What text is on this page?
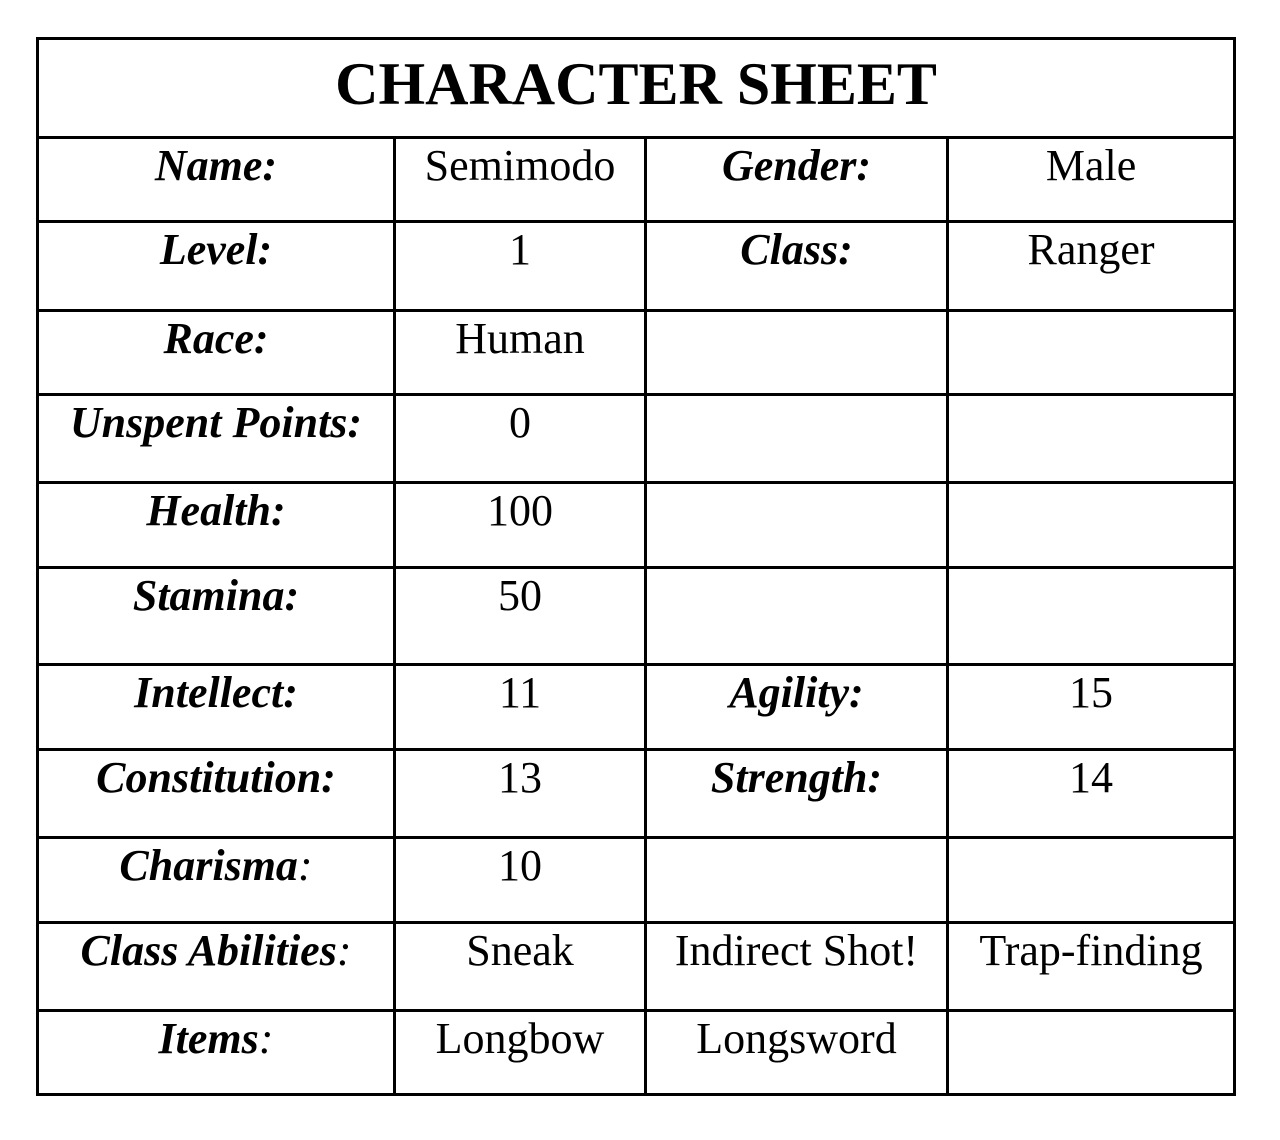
CHARACTER SHEET			
Name:	Semimodo	Gender:	Male
Level:	1	Class:	Ranger
Race:	Human		
Unspent Points:	0		
Health:	100		
Stamina:	50		
Intellect:	11	Agility:	15
Constitution:	13	Strength:	14
Charisma:	10		
Class Abilities:	Sneak	Indirect Shot!	Trap-finding
Items:	Longbow	Longsword	
